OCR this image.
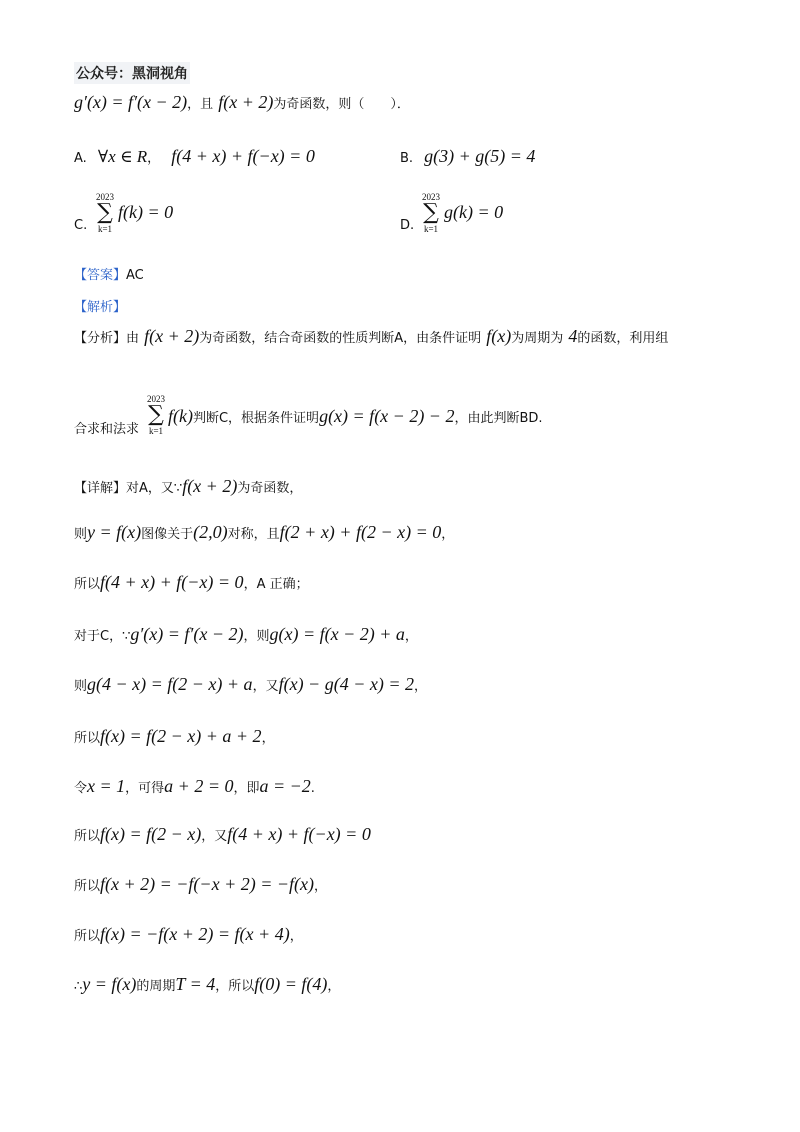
公众号：黑洞视角
g′(x) = f′(x − 2)，且 f(x + 2)为奇函数，则（　　）．
A. ∀x ∈ R， f(4 + x) + f(−x) = 0	B. g(3) + g(5) = 4
C.
2023
∑
k=1
f(k) = 0
D.
2023
∑
k=1
g(k) = 0
【答案】AC
【解析】
【分析】由 f(x + 2)为奇函数，结合奇函数的性质判断A，由条件证明 f(x)为周期为 4的函数，利用组
合求和法求
2023
∑
k=1
f(k)判断C，根据条件证明g(x) = f(x − 2) − 2，由此判断BD.
【详解】对A，又∵f(x + 2)为奇函数，
则y = f(x)图像关于(2,0)对称，且f(2 + x) + f(2 − x) = 0，
所以f(4 + x) + f(−x) = 0，A 正确；
对于C，∵g′(x) = f′(x − 2)，则g(x) = f(x − 2) + a，
则g(4 − x) = f(2 − x) + a，又f(x) − g(4 − x) = 2，
所以f(x) = f(2 − x) + a + 2，
令x = 1，可得a + 2 = 0，即a = −2.
所以f(x) = f(2 − x)，又f(4 + x) + f(−x) = 0
所以f(x + 2) = −f(−x + 2) = −f(x)，
所以f(x) = −f(x + 2) = f(x + 4)，
∴y = f(x)的周期T = 4，所以f(0) = f(4)，
